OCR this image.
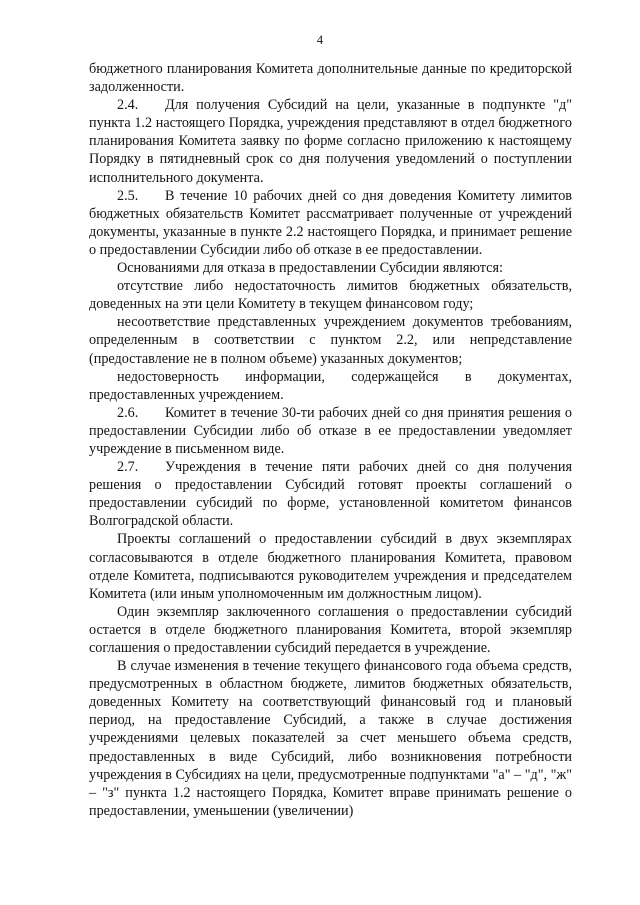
4

бюджетного планирования Комитета дополнительные данные по кредиторской задолженности.

2.4. Для получения Субсидий на цели, указанные в подпункте "д" пункта 1.2 настоящего Порядка, учреждения представляют в отдел бюджетного планирования Комитета заявку по форме согласно приложению к настоящему Порядку в пятидневный срок со дня получения уведомлений о поступлении исполнительного документа.

2.5. В течение 10 рабочих дней со дня доведения Комитету лимитов бюджетных обязательств Комитет рассматривает полученные от учреждений документы, указанные в пункте 2.2 настоящего Порядка, и принимает решение о предоставлении Субсидии либо об отказе в ее предоставлении.

Основаниями для отказа в предоставлении Субсидии являются:

отсутствие либо недостаточность лимитов бюджетных обязательств, доведенных на эти цели Комитету в текущем финансовом году;

несоответствие представленных учреждением документов требованиям, определенным в соответствии с пунктом 2.2, или непредставление (предоставление не в полном объеме) указанных документов;

недостоверность информации, содержащейся в документах, предоставленных учреждением.

2.6. Комитет в течение 30-ти рабочих дней со дня принятия решения о предоставлении Субсидии либо об отказе в ее предоставлении уведомляет учреждение в письменном виде.

2.7. Учреждения в течение пяти рабочих дней со дня получения решения о предоставлении Субсидий готовят проекты соглашений о предоставлении субсидий по форме, установленной комитетом финансов Волгоградской области.

Проекты соглашений о предоставлении субсидий в двух экземплярах согласовываются в отделе бюджетного планирования Комитета, правовом отделе Комитета, подписываются руководителем учреждения и председателем Комитета (или иным уполномоченным им должностным лицом).

Один экземпляр заключенного соглашения о предоставлении субсидий остается в отделе бюджетного планирования Комитета, второй экземпляр соглашения о предоставлении субсидий передается в учреждение.

В случае изменения в течение текущего финансового года объема средств, предусмотренных в областном бюджете, лимитов бюджетных обязательств, доведенных Комитету на соответствующий финансовый год и плановый период, на предоставление Субсидий, а также в случае достижения учреждениями целевых показателей за счет меньшего объема средств, предоставленных в виде Субсидий, либо возникновения потребности учреждения в Субсидиях на цели, предусмотренные подпунктами "а" – "д", "ж" – "з" пункта 1.2 настоящего Порядка, Комитет вправе принимать решение о предоставлении, уменьшении (увеличении)
